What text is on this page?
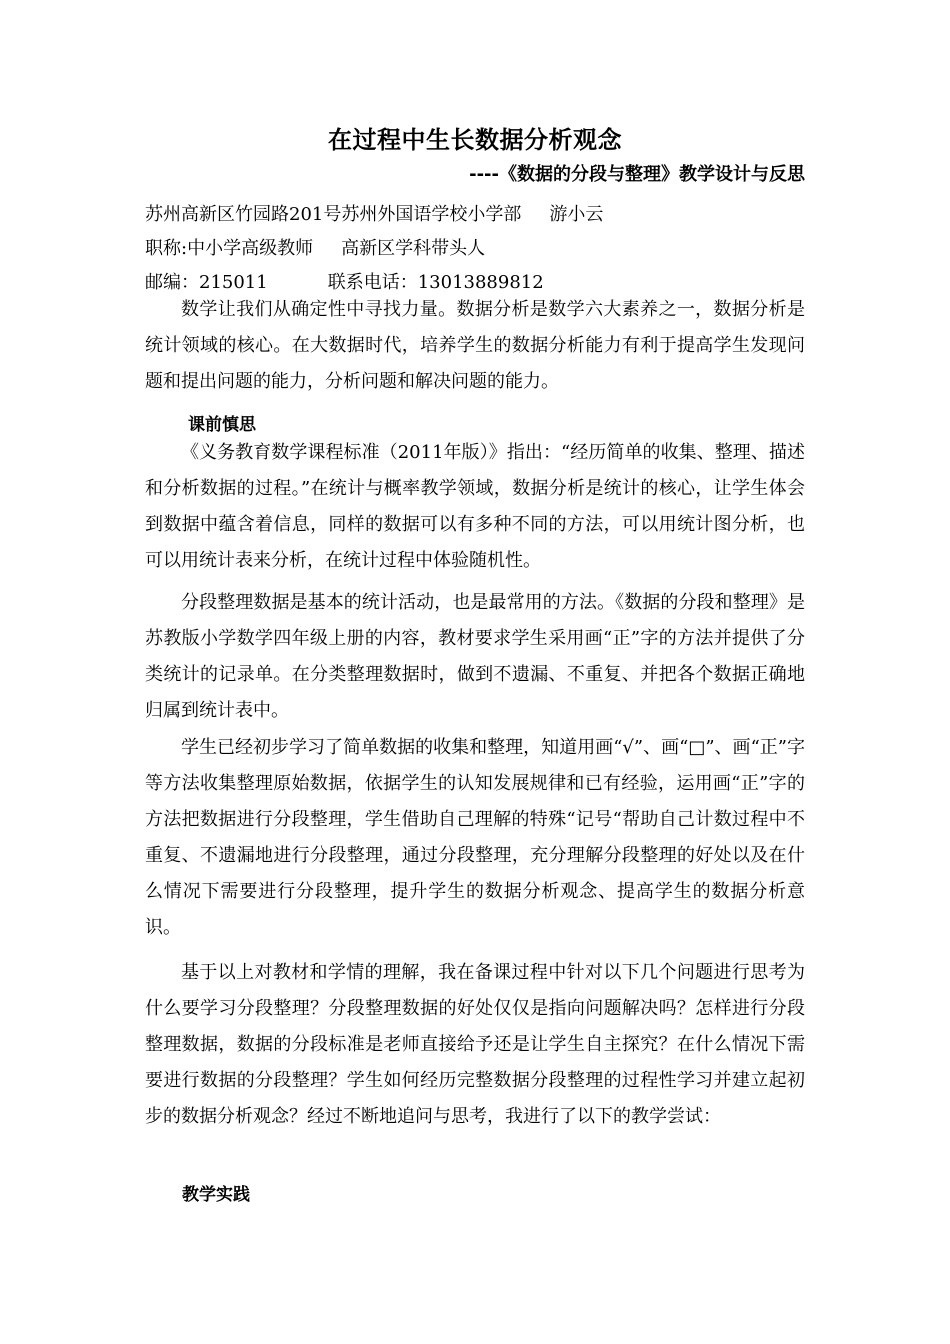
在过程中生长数据分析观念
----《数据的分段与整理》教学设计与反思
苏州高新区竹园路201号苏州外国语学校小学部 游小云
职称:中小学高级教师 高新区学科带头人
邮编：215011	联系电话：13013889812

数学让我们从确定性中寻找力量。数据分析是数学六大素养之一，数据分析是统计领域的核心。在大数据时代，培养学生的数据分析能力有利于提高学生发现问题和提出问题的能力，分析问题和解决问题的能力。

课前慎思

《义务教育数学课程标准（2011年版）》指出：“经历简单的收集、整理、描述和分析数据的过程。”在统计与概率教学领域，数据分析是统计的核心，让学生体会到数据中蕴含着信息，同样的数据可以有多种不同的方法，可以用统计图分析，也可以用统计表来分析，在统计过程中体验随机性。

分段整理数据是基本的统计活动，也是最常用的方法。《数据的分段和整理》是苏教版小学数学四年级上册的内容，教材要求学生采用画“正”字的方法并提供了分类统计的记录单。在分类整理数据时，做到不遗漏、不重复、并把各个数据正确地归属到统计表中。

学生已经初步学习了简单数据的收集和整理，知道用画“√”、画“□”、画“正”字等方法收集整理原始数据，依据学生的认知发展规律和已有经验，运用画“正”字的方法把数据进行分段整理，学生借助自己理解的特殊“记号“帮助自己计数过程中不重复、不遗漏地进行分段整理，通过分段整理，充分理解分段整理的好处以及在什么情况下需要进行分段整理，提升学生的数据分析观念、提高学生的数据分析意识。

基于以上对教材和学情的理解，我在备课过程中针对以下几个问题进行思考为什么要学习分段整理？分段整理数据的好处仅仅是指向问题解决吗？怎样进行分段整理数据，数据的分段标准是老师直接给予还是让学生自主探究？在什么情况下需要进行数据的分段整理？学生如何经历完整数据分段整理的过程性学习并建立起初步的数据分析观念？经过不断地追问与思考，我进行了以下的教学尝试：

教学实践
